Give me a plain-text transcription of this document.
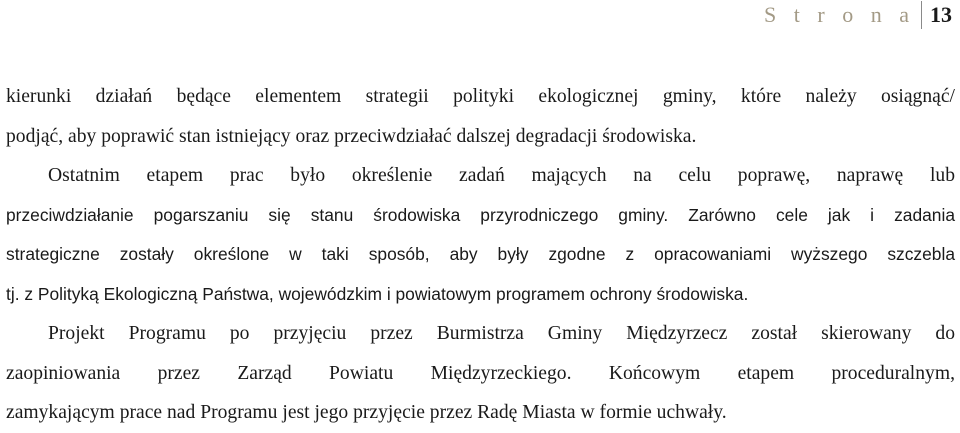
S t r o n a 13
kierunki działań będące elementem strategii polityki ekologicznej gminy, które należy osiągnąć/
podjąć, aby poprawić stan istniejący oraz przeciwdziałać dalszej degradacji środowiska.
Ostatnim etapem prac było określenie zadań mających na celu poprawę, naprawę lub
przeciwdziałanie pogarszaniu się stanu środowiska przyrodniczego gminy. Zarówno cele jak i zadania
strategiczne zostały określone w taki sposób, aby były zgodne z opracowaniami wyższego szczebla
tj. z Polityką Ekologiczną Państwa, wojewódzkim i powiatowym programem ochrony środowiska.
Projekt Programu po przyjęciu przez Burmistrza Gminy Międzyrzecz został skierowany do
zaopiniowania przez Zarząd Powiatu Międzyrzeckiego. Końcowym etapem proceduralnym,
zamykającym prace nad Programu jest jego przyjęcie przez Radę Miasta w formie uchwały.
